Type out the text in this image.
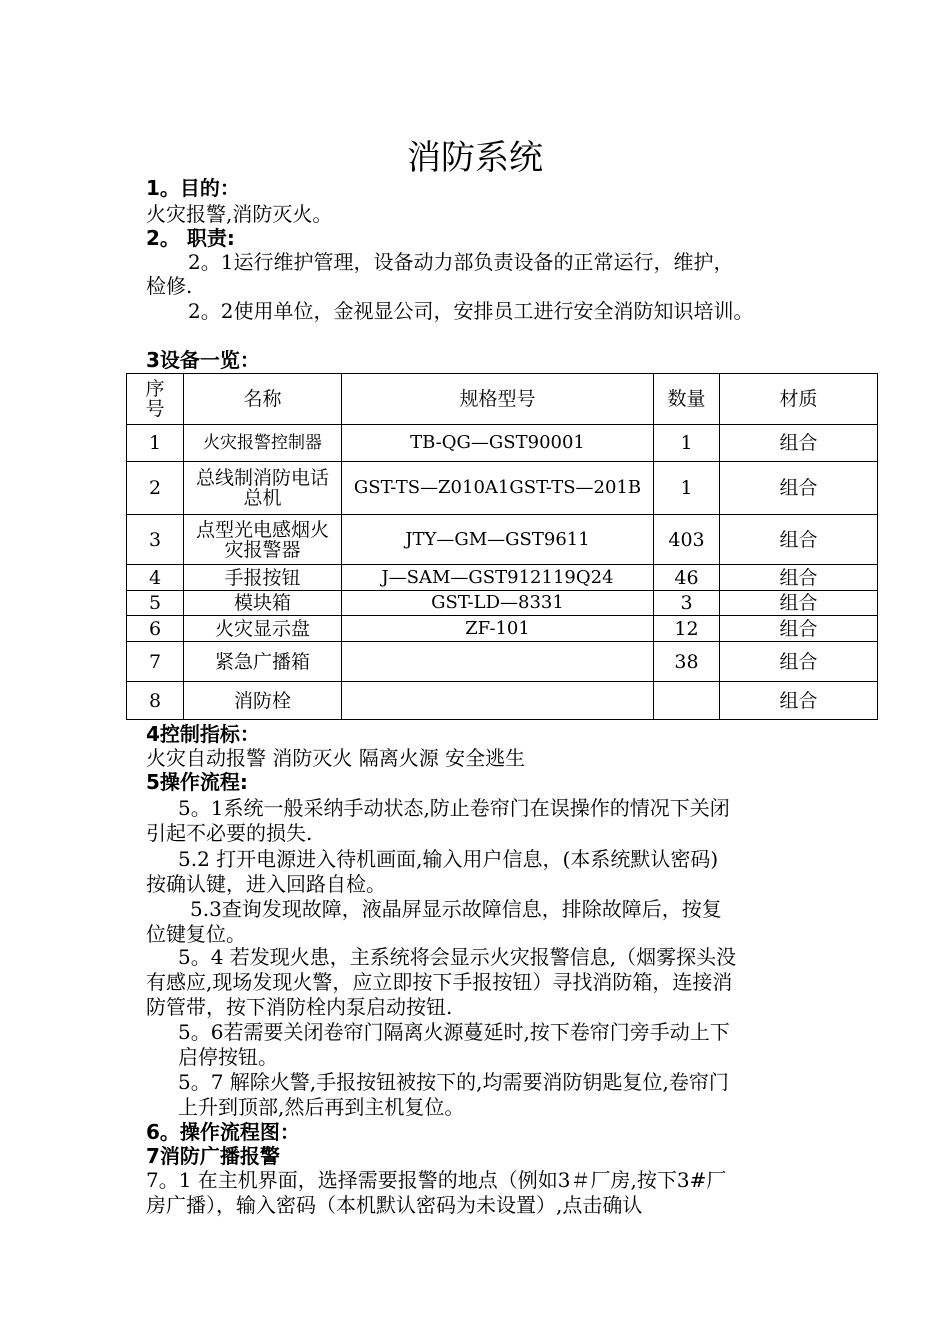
消防系统
1。目的：
火灾报警,消防灭火。
2。 职责:
2。1运行维护管理，设备动力部负责设备的正常运行，维护，
检修.
2。2使用单位，金视显公司，安排员工进行安全消防知识培训。
3设备一览：
序号	名称	规格型号	数量	材质
1	火灾报警控制器	TB-QG—GST90001	1	组合
2	总线制消防电话总机	GST-TS—Z010A1GST-TS—201B	1	组合
3	点型光电感烟火灾报警器	JTY—GM—GST9611	403	组合
4	手报按钮	J—SAM—GST912119Q24	46	组合
5	模块箱	GST-LD—8331	3	组合
6	火灾显示盘	ZF-101	12	组合
7	紧急广播箱		38	组合
8	消防栓			组合
4控制指标：
火灾自动报警 消防灭火 隔离火源 安全逃生
5操作流程:
5。1系统一般采纳手动状态,防止卷帘门在误操作的情况下关闭
引起不必要的损失.
5.2 打开电源进入待机画面,输入用户信息，(本系统默认密码)
按确认键，进入回路自检。
5.3查询发现故障，液晶屏显示故障信息，排除故障后，按复
位键复位。
5。4 若发现火患，主系统将会显示火灾报警信息,（烟雾探头没
有感应,现场发现火警，应立即按下手报按钮）寻找消防箱，连接消
防管带，按下消防栓内泵启动按钮.
5。6若需要关闭卷帘门隔离火源蔓延时,按下卷帘门旁手动上下
启停按钮。
5。7 解除火警,手报按钮被按下的,均需要消防钥匙复位,卷帘门
上升到顶部,然后再到主机复位。
6。操作流程图：
7消防广播报警
7。1 在主机界面，选择需要报警的地点（例如3＃厂房,按下3#厂
房广播），输入密码（本机默认密码为未设置）,点击确认
